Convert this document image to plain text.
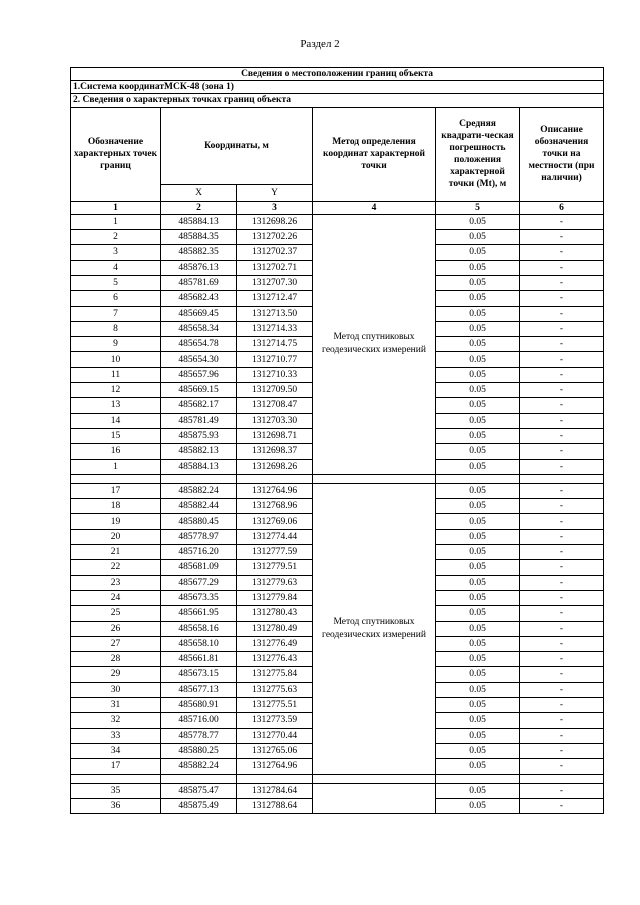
Раздел 2
Сведения о местоположении границ объекта					
1.Система координатМСК-48 (зона 1)					
2. Сведения о характерных точках границ объекта					
Обозначение характерных точек границ	Координаты, м		Метод определения координат характерной точки	Средняя квадрати-ческая погрешность положения характерной точки (Mt), м	Описание обозначения точки на местности (при наличии)
	X	Y			
1	2	3	4	5	6
1	485884.13	1312698.26	Метод спутниковых геодезических измерений	0.05	-
2	485884.35	1312702.26		0.05	-
3	485882.35	1312702.37		0.05	-
4	485876.13	1312702.71		0.05	-
5	485781.69	1312707.30		0.05	-
6	485682.43	1312712.47		0.05	-
7	485669.45	1312713.50		0.05	-
8	485658.34	1312714.33		0.05	-
9	485654.78	1312714.75		0.05	-
10	485654.30	1312710.77		0.05	-
11	485657.96	1312710.33		0.05	-
12	485669.15	1312709.50		0.05	-
13	485682.17	1312708.47		0.05	-
14	485781.49	1312703.30		0.05	-
15	485875.93	1312698.71		0.05	-
16	485882.13	1312698.37		0.05	-
1	485884.13	1312698.26		0.05	-

17	485882.24	1312764.96	Метод спутниковых геодезических измерений	0.05	-
18	485882.44	1312768.96		0.05	-
19	485880.45	1312769.06		0.05	-
20	485778.97	1312774.44		0.05	-
21	485716.20	1312777.59		0.05	-
22	485681.09	1312779.51		0.05	-
23	485677.29	1312779.63		0.05	-
24	485673.35	1312779.84		0.05	-
25	485661.95	1312780.43		0.05	-
26	485658.16	1312780.49		0.05	-
27	485658.10	1312776.49		0.05	-
28	485661.81	1312776.43		0.05	-
29	485673.15	1312775.84		0.05	-
30	485677.13	1312775.63		0.05	-
31	485680.91	1312775.51		0.05	-
32	485716.00	1312773.59		0.05	-
33	485778.77	1312770.44		0.05	-
34	485880.25	1312765.06		0.05	-
17	485882.24	1312764.96		0.05	-

35	485875.47	1312784.64		0.05	-
36	485875.49	1312788.64		0.05	-
